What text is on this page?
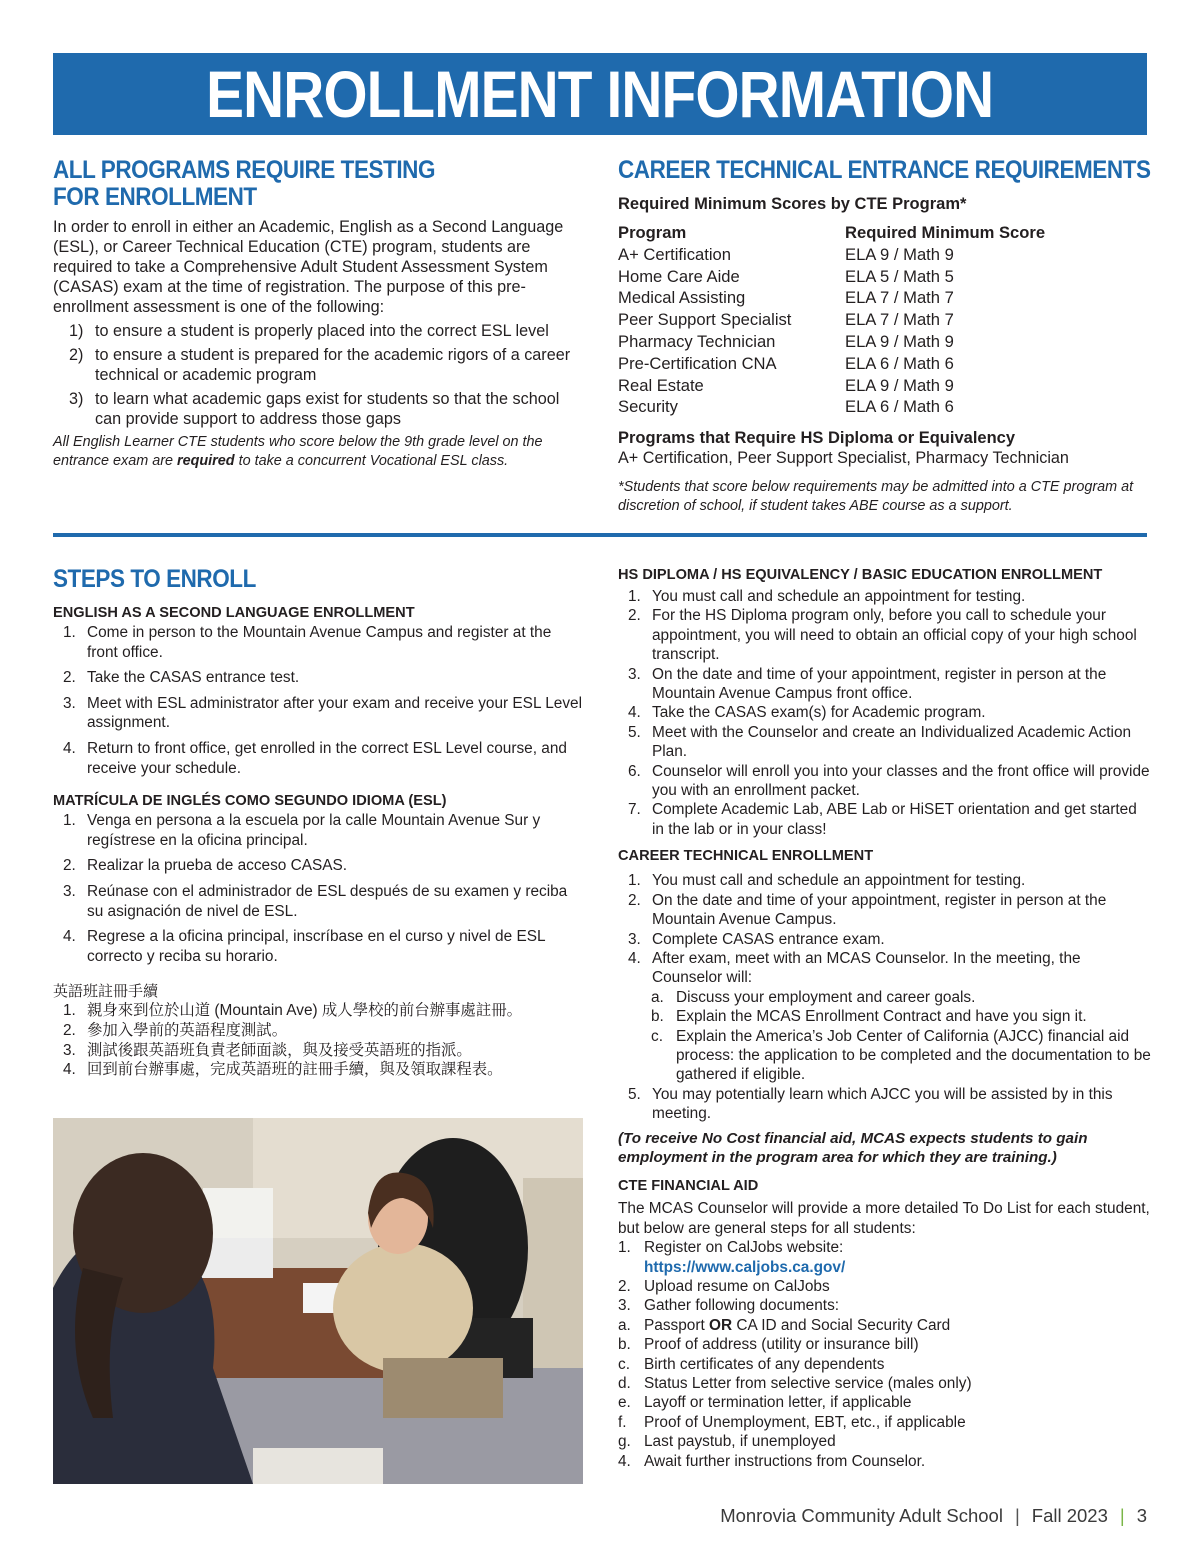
ENROLLMENT INFORMATION
ALL PROGRAMS REQUIRE TESTING
FOR ENROLLMENT

In order to enroll in either an Academic, English as a Second Language (ESL), or Career Technical Education (CTE) program, students are required to take a Comprehensive Adult Student Assessment System (CASAS) exam at the time of registration. The purpose of this pre-enrollment assessment is one of the following:

1) to ensure a student is properly placed into the correct ESL level
2) to ensure a student is prepared for the academic rigors of a career technical or academic program
3) to learn what academic gaps exist for students so that the school can provide support to address those gaps

All English Learner CTE students who score below the 9th grade level on the entrance exam are required to take a concurrent Vocational ESL class.

CAREER TECHNICAL ENTRANCE REQUIREMENTS
Required Minimum Scores by CTE Program*
Program	Required Minimum Score
A+ Certification	ELA 9 / Math 9
Home Care Aide	ELA 5 / Math 5
Medical Assisting	ELA 7 / Math 7
Peer Support Specialist	ELA 7 / Math 7
Pharmacy Technician	ELA 9 / Math 9
Pre-Certification CNA	ELA 6 / Math 6
Real Estate	ELA 9 / Math 9
Security	ELA 6 / Math 6
Programs that Require HS Diploma or Equivalency

A+ Certification, Peer Support Specialist, Pharmacy Technician

*Students that score below requirements may be admitted into a CTE program at discretion of school, if student takes ABE course as a support.

STEPS TO ENROLL
ENGLISH AS A SECOND LANGUAGE ENROLLMENT
1. Come in person to the Mountain Avenue Campus and register at the front office.
2. Take the CASAS entrance test.
3. Meet with ESL administrator after your exam and receive your ESL Level assignment.
4. Return to front office, get enrolled in the correct ESL Level course, and receive your schedule.
MATRÍCULA DE INGLÉS COMO SEGUNDO IDIOMA (ESL)
1. Venga en persona a la escuela por la calle Mountain Avenue Sur y regístrese en la oficina principal.
2. Realizar la prueba de acceso CASAS.
3. Reúnase con el administrador de ESL después de su examen y reciba su asignación de nivel de ESL.
4. Regrese a la oficina principal, inscríbase en el curso y nivel de ESL correcto y reciba su horario.
英語班註冊手續
1. 親身來到位於山道 (Mountain Ave) 成人學校的前台辦事處註冊。
2. 參加入學前的英語程度測試。
3. 測試後跟英語班負責老師面談，與及接受英語班的指派。
4. 回到前台辦事處，完成英語班的註冊手續，與及領取課程表。
HS DIPLOMA / HS EQUIVALENCY / BASIC EDUCATION ENROLLMENT
1. You must call and schedule an appointment for testing.
2. For the HS Diploma program only, before you call to schedule your appointment, you will need to obtain an official copy of your high school transcript.
3. On the date and time of your appointment, register in person at the Mountain Avenue Campus front office.
4. Take the CASAS exam(s) for Academic program.
5. Meet with the Counselor and create an Individualized Academic Action Plan.
6. Counselor will enroll you into your classes and the front office will provide you with an enrollment packet.
7. Complete Academic Lab, ABE Lab or HiSET orientation and get started in the lab or in your class!
CAREER TECHNICAL ENROLLMENT
1. You must call and schedule an appointment for testing.
2. On the date and time of your appointment, register in person at the Mountain Avenue Campus.
3. Complete CASAS entrance exam.
4. After exam, meet with an MCAS Counselor. In the meeting, the Counselor will:
a. Discuss your employment and career goals.
b. Explain the MCAS Enrollment Contract and have you sign it.
c. Explain the America’s Job Center of California (AJCC) financial aid process: the application to be completed and the documentation to be gathered if eligible.
5. You may potentially learn which AJCC you will be assisted by in this meeting.

(To receive No Cost financial aid, MCAS expects students to gain employment in the program area for which they are training.)

CTE FINANCIAL AID

The MCAS Counselor will provide a more detailed To Do List for each student, but below are general steps for all students:

1. Register on CalJobs website:
https://www.caljobs.ca.gov/
2. Upload resume on CalJobs
3. Gather following documents:
a. Passport OR CA ID and Social Security Card
b. Proof of address (utility or insurance bill)
c. Birth certificates of any dependents
d. Status Letter from selective service (males only)
e. Layoff or termination letter, if applicable
f. Proof of Unemployment, EBT, etc., if applicable
g. Last paystub, if unemployed
4. Await further instructions from Counselor.
Monrovia Community Adult School | Fall 2023 | 3
